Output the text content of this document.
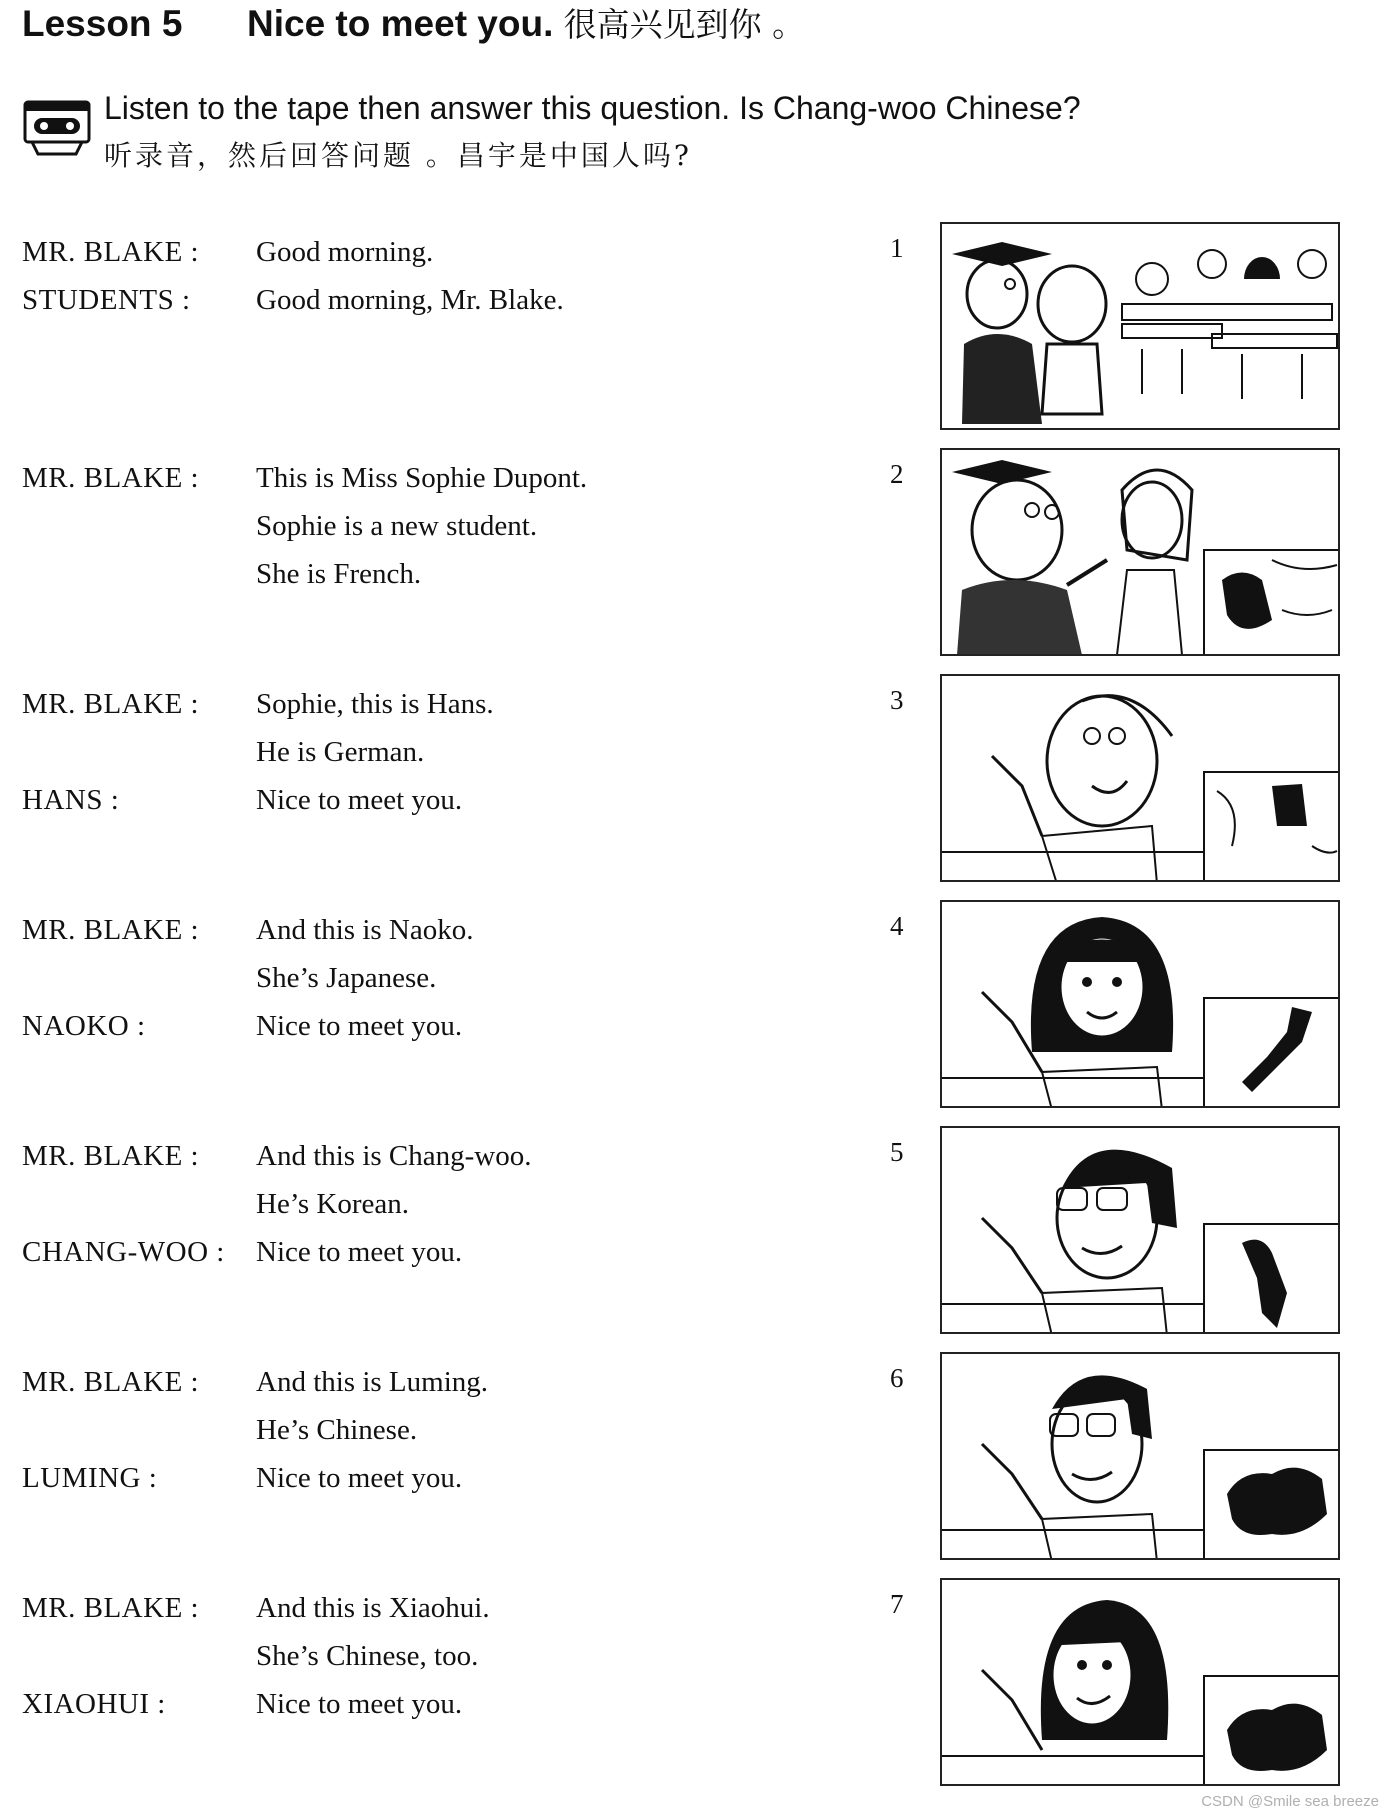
Lesson 5 Nice to meet you. 很高兴见到你 。
Listen to the tape then answer this question. Is Chang-woo Chinese?
听录音，然后回答问题 。昌宇是中国人吗?
MR. BLAKE : Good morning.
STUDENTS : Good morning, Mr. Blake.
1
MR. BLAKE : This is Miss Sophie Dupont.
Sophie is a new student.
She is French.
2
MR. BLAKE : Sophie, this is Hans.
He is German.
HANS :	Nice to meet you.
3
MR. BLAKE : And this is Naoko.
She’s Japanese.
NAOKO :	Nice to meet you.
4
MR. BLAKE : And this is Chang-woo.
He’s Korean.
CHANG-WOO : Nice to meet you.
5
MR. BLAKE : And this is Luming.
He’s Chinese.
LUMING :	Nice to meet you.
6
MR. BLAKE : And this is Xiaohui.
She’s Chinese, too.
XIAOHUI :	Nice to meet you.
7
CSDN @Smile sea breeze
